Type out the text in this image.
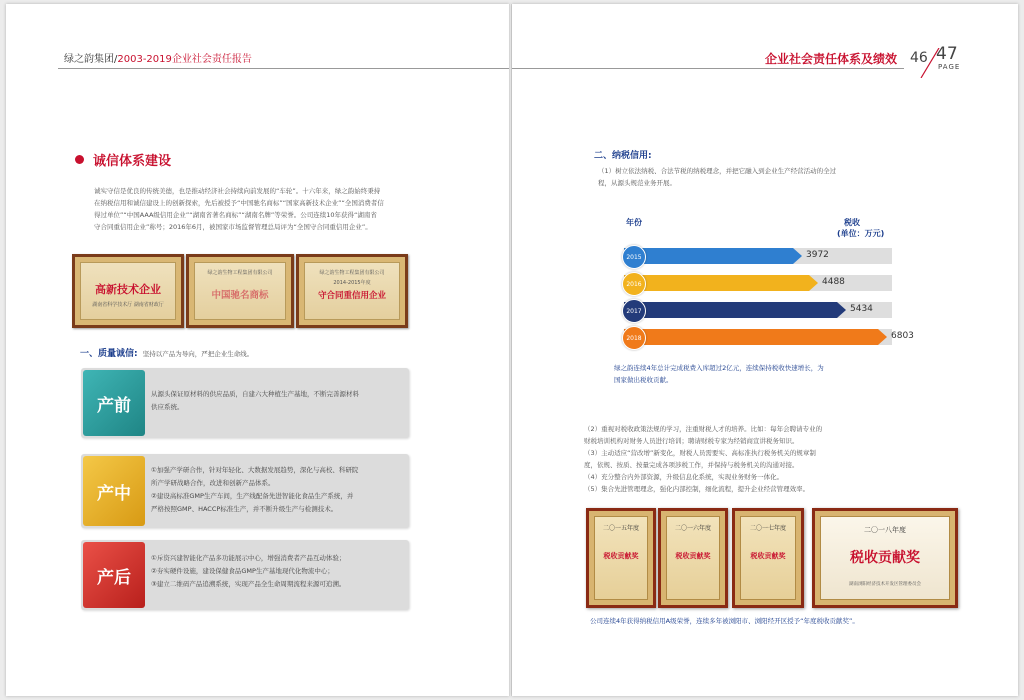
绿之韵集团/2003-2019企业社会责任报告
诚信体系建设
诚实守信是优良的传统美德，也是推动经济社会持续向前发展的“车轮”。十六年来，绿之韵始终秉持
在纳税信用和诚信建设上的创新探索，先后被授予“中国驰名商标”“国家高新技术企业”“全国消费者信
得过单位”“中国AAA级信用企业”“湖南省著名商标”“湖南名牌”等荣誉。公司连续10年获得“湖南省
守合同重信用企业”称号；2016年6月，被国家市场监督管理总局评为“全国守合同重信用企业”。
高新技术企业
湖南省科学技术厅 湖南省财政厅
绿之韵生物工程集团有限公司
中国驰名商标
绿之韵生物工程集团有限公司
2014-2015年度
守合同重信用企业
一、质量诚信: 坚持以产品为导向，严把企业生命线。
产前
从源头保证原材料的供应品质，自建六大种植生产基地，不断完善源材料
供应系统。
产中
①加强产学研合作，针对年轻化、大数据发展趋势，深化与高校、科研院
所产学研战略合作，改进和创新产品体系。
②建设高标准GMP生产车间，生产线配备先进智能化食品生产系统，并
严格按照GMP、HACCP标准生产，并不断升级生产与检测技术。
产后
①斥资兴建智能化产品多功能展示中心，增强消费者产品互动体验；
②夯实硬件设施，建设保健食品GMP生产基地现代化物流中心；
③建立二维码产品追溯系统，实现产品全生命周期流程来源可追溯。
企业社会责任体系及绩效 46 47
PAGE
二、纳税信用:
（1）树立依法纳税、合法节税的纳税理念，并把它融入到企业生产经营活动的全过
程，从源头规范业务开展。
年份	税收
(单位：万元)
2015	3972
2016	4488
2017	5434
2018	6803
绿之韵连续4年总计完成税费入库超过2亿元，连续保持税收快速增长，为
国家做出税收贡献。
（2）重视对税收政策法规的学习，注重财税人才的培养。比如：每年会聘请专业的
财税培训机构对财务人员进行培训；聘请财税专家为经销商宣讲税务知识。
（3）主动适应“营改增”新变化，财税人员需要实、高标准执行税务机关的规章制
度，依规、按质、按量完成各项涉税工作，并保持与税务机关的沟通对接。
（4）充分整合内外部资源，升级信息化系统，实现业务财务一体化。
（5）集合先进管理理念，强化内部控制，细化流程，提升企业经营管理效率。
二〇一五年度
税收贡献奖
二〇一六年度
税收贡献奖
二〇一七年度
税收贡献奖
二〇一八年度
税收贡献奖
湖南浏阳经济技术开发区管理委员会
公司连续4年获得纳税信用A级荣誉，连续多年被浏阳市、浏阳经开区授予“年度税收贡献奖”。
